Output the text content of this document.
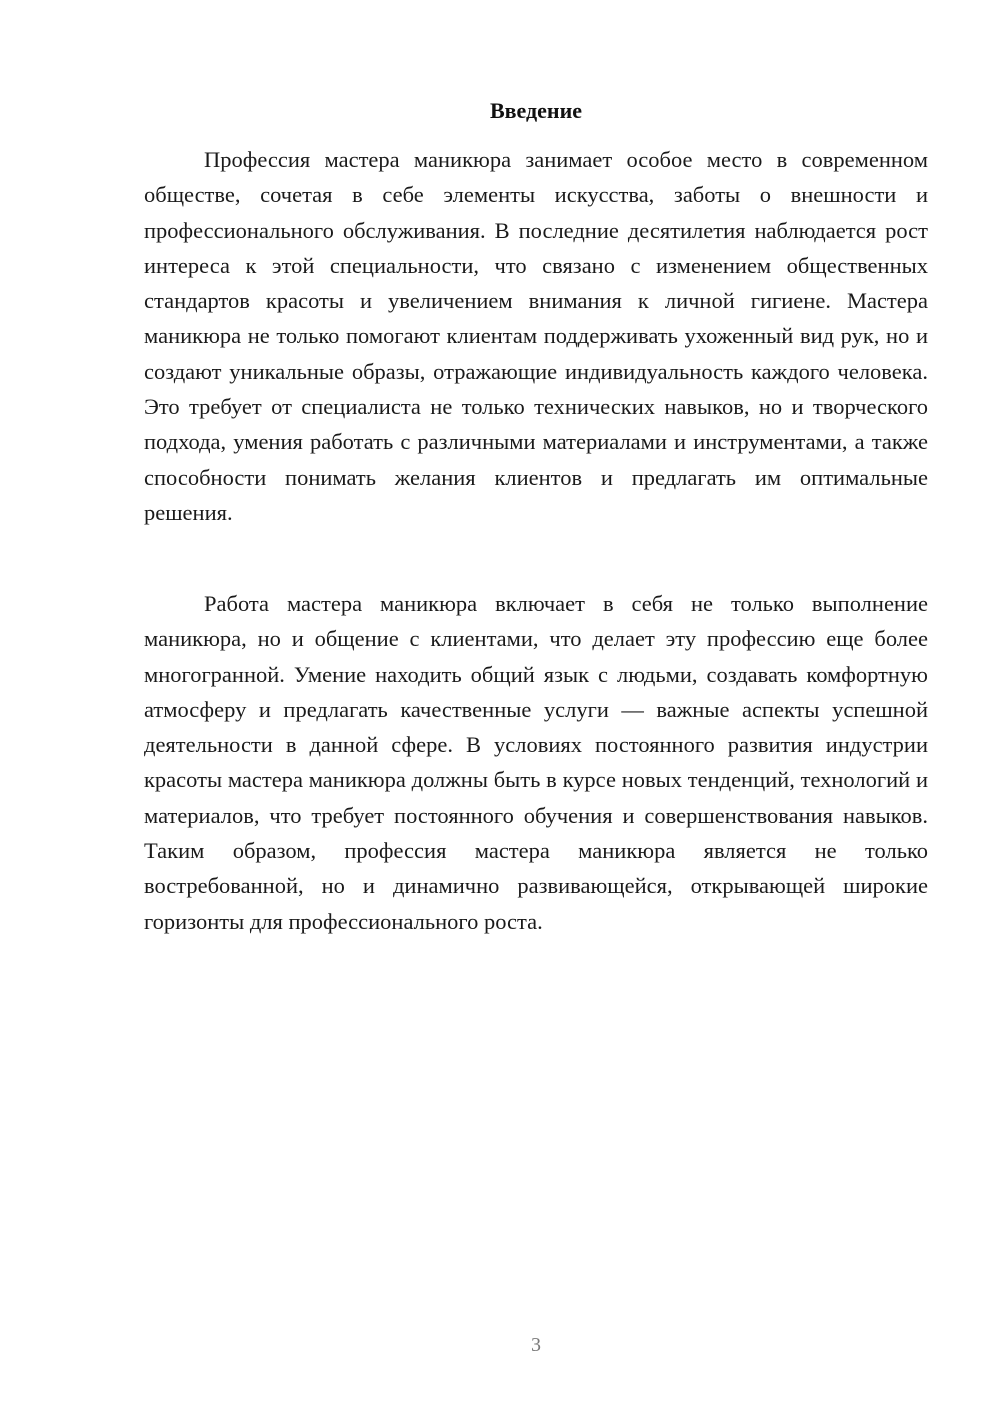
Введение

Профессия мастера маникюра занимает особое место в современном обществе, сочетая в себе элементы искусства, заботы о внешности и профессионального обслуживания. В последние десятилетия наблюдается рост интереса к этой специальности, что связано с изменением общественных стандартов красоты и увеличением внимания к личной гигиене. Мастера маникюра не только помогают клиентам поддерживать ухоженный вид рук, но и создают уникальные образы, отражающие индивидуальность каждого человека. Это требует от специалиста не только технических навыков, но и творческого подхода, умения работать с различными материалами и инструментами, а также способности понимать желания клиентов и предлагать им оптимальные решения.

Работа мастера маникюра включает в себя не только выполнение маникюра, но и общение с клиентами, что делает эту профессию еще более многогранной. Умение находить общий язык с людьми, создавать комфортную атмосферу и предлагать качественные услуги — важные аспекты успешной деятельности в данной сфере. В условиях постоянного развития индустрии красоты мастера маникюра должны быть в курсе новых тенденций, технологий и материалов, что требует постоянного обучения и совершенствования навыков. Таким образом, профессия мастера маникюра является не только востребованной, но и динамично развивающейся, открывающей широкие горизонты для профессионального роста.

3
